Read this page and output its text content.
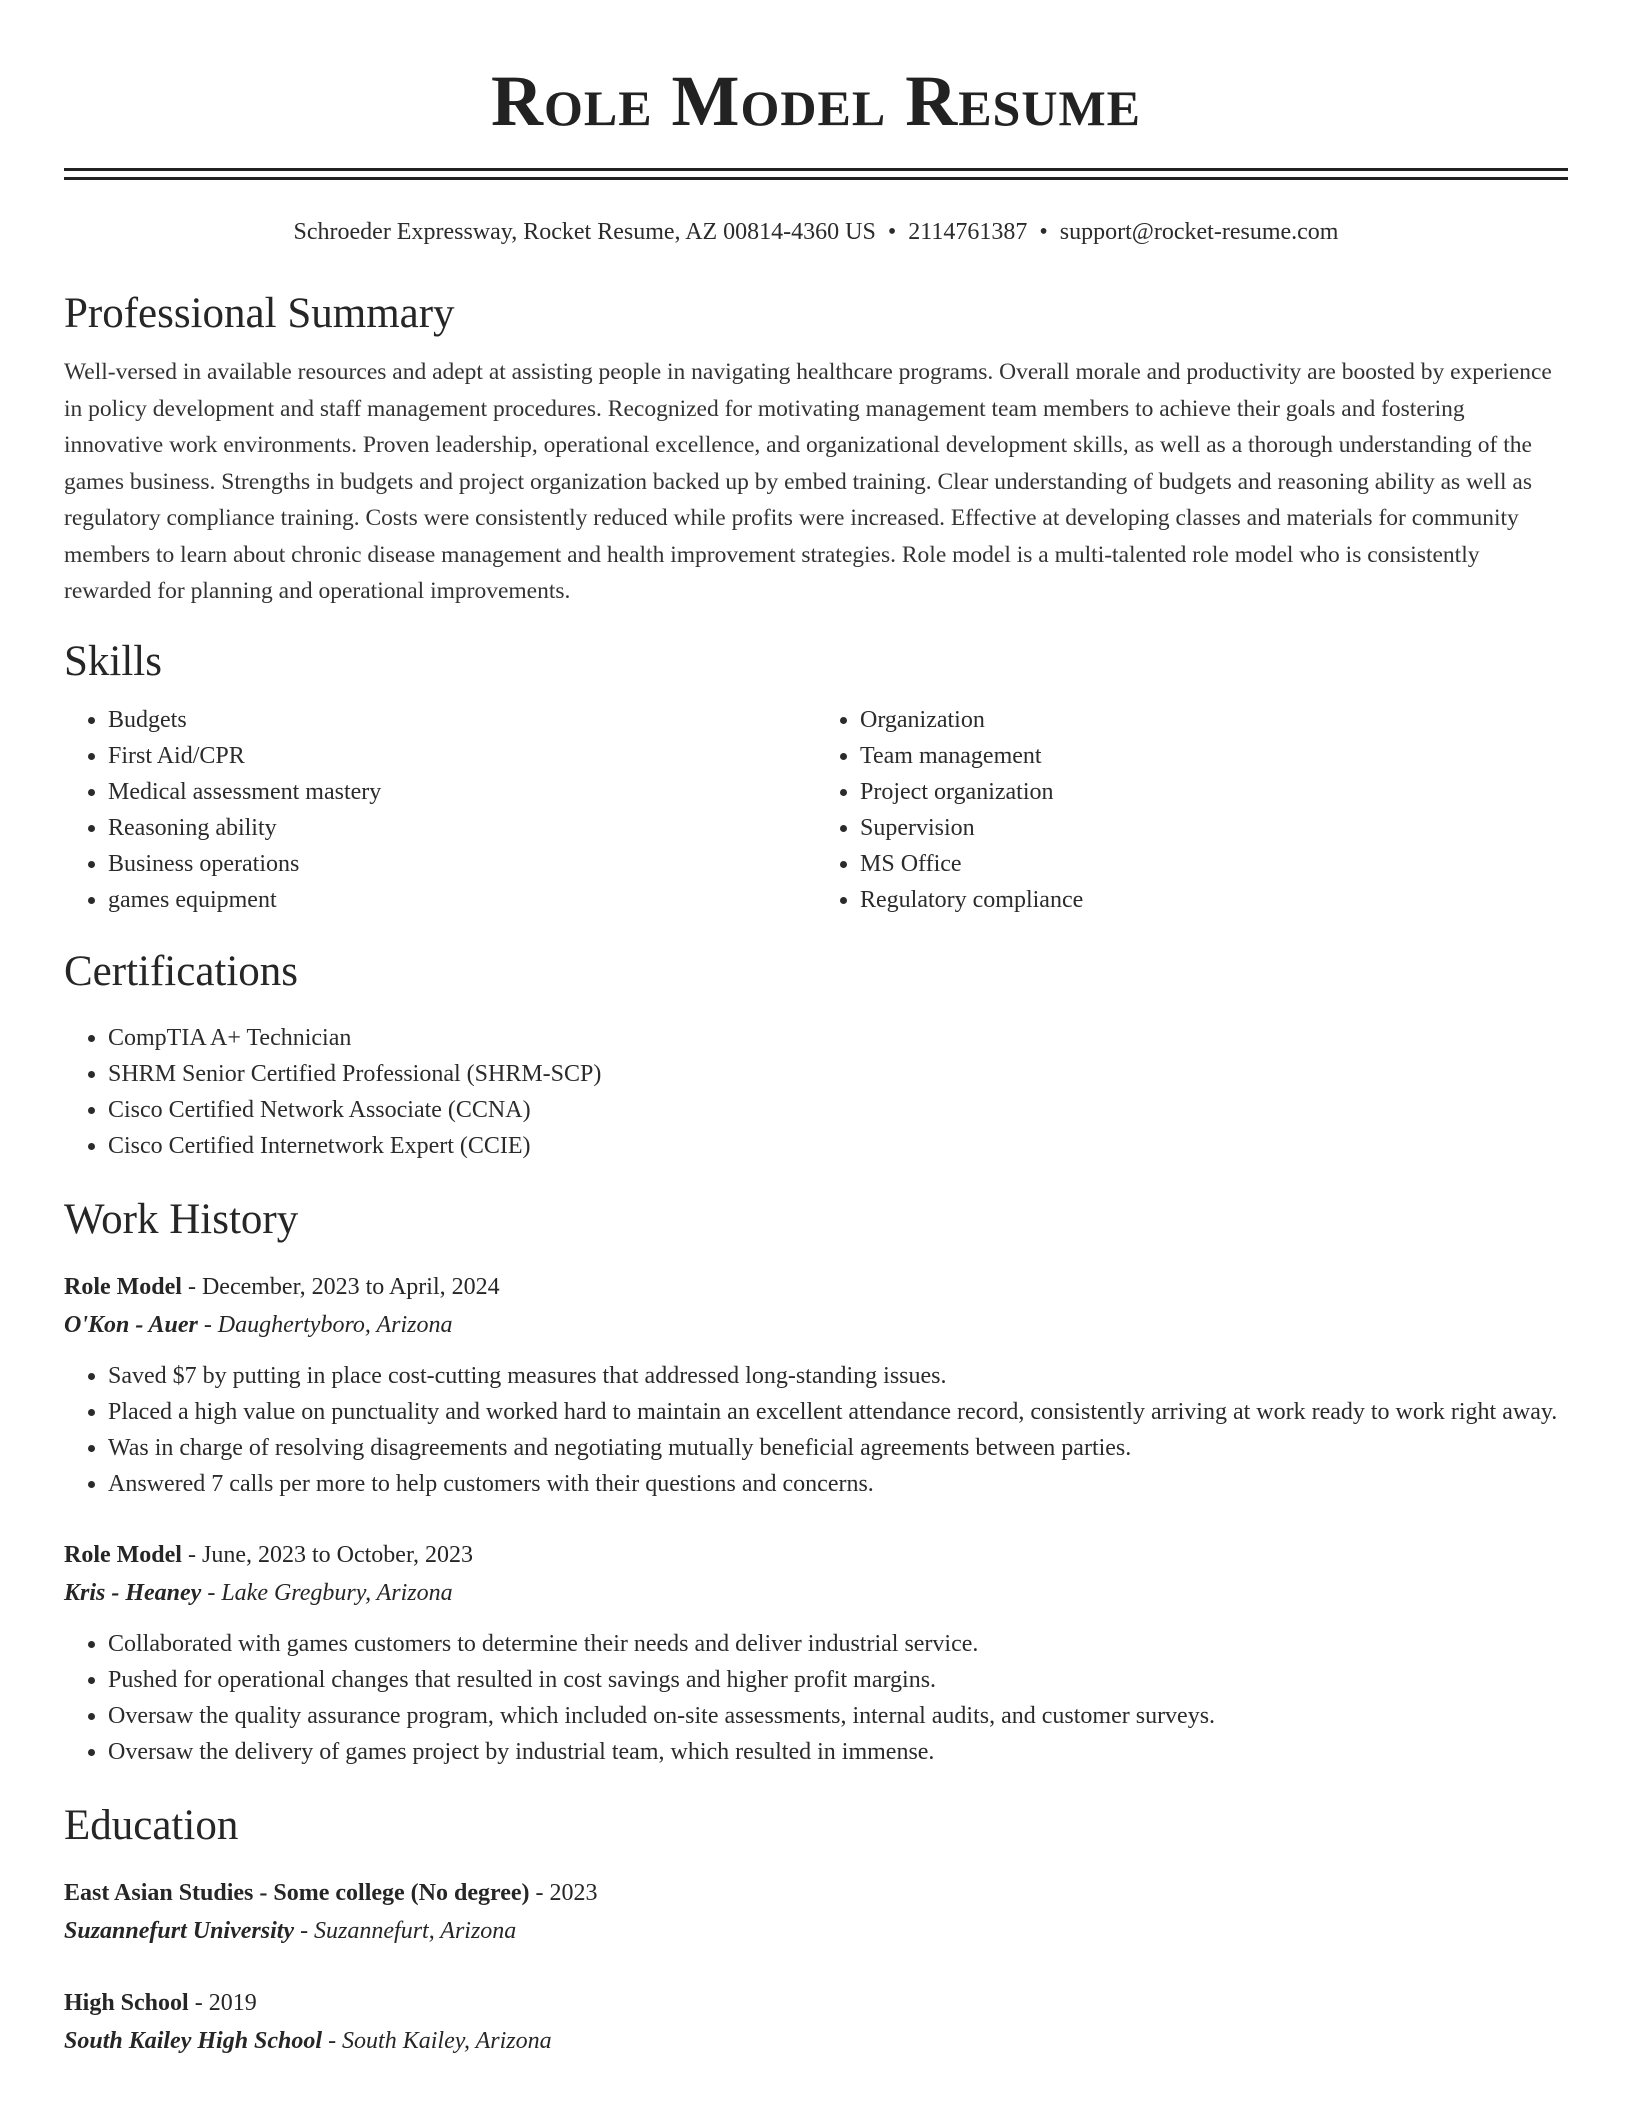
Role Model Resume
Schroeder Expressway, Rocket Resume, AZ 00814-4360 US • 2114761387 • support@rocket-resume.com
Professional Summary

Well-versed in available resources and adept at assisting people in navigating healthcare programs. Overall morale and productivity are boosted by experience in policy development and staff management procedures. Recognized for motivating management team members to achieve their goals and fostering innovative work environments. Proven leadership, operational excellence, and organizational development skills, as well as a thorough understanding of the games business. Strengths in budgets and project organization backed up by embed training. Clear understanding of budgets and reasoning ability as well as regulatory compliance training. Costs were consistently reduced while profits were increased. Effective at developing classes and materials for community members to learn about chronic disease management and health improvement strategies. Role model is a multi-talented role model who is consistently rewarded for planning and operational improvements.

Skills
• Budgets
• First Aid/CPR
• Medical assessment mastery
• Reasoning ability
• Business operations
• games equipment
• Organization
• Team management
• Project organization
• Supervision
• MS Office
• Regulatory compliance
Certifications
• CompTIA A+ Technician
• SHRM Senior Certified Professional (SHRM-SCP)
• Cisco Certified Network Associate (CCNA)
• Cisco Certified Internetwork Expert (CCIE)
Work History
Role Model - December, 2023 to April, 2024
O'Kon - Auer - Daughertyboro, Arizona
• Saved $7 by putting in place cost-cutting measures that addressed long-standing issues.
• Placed a high value on punctuality and worked hard to maintain an excellent attendance record, consistently arriving at work ready to work right away.
• Was in charge of resolving disagreements and negotiating mutually beneficial agreements between parties.
• Answered 7 calls per more to help customers with their questions and concerns.
Role Model - June, 2023 to October, 2023
Kris - Heaney - Lake Gregbury, Arizona
• Collaborated with games customers to determine their needs and deliver industrial service.
• Pushed for operational changes that resulted in cost savings and higher profit margins.
• Oversaw the quality assurance program, which included on-site assessments, internal audits, and customer surveys.
• Oversaw the delivery of games project by industrial team, which resulted in immense.
Education
East Asian Studies - Some college (No degree) - 2023
Suzannefurt University - Suzannefurt, Arizona
High School - 2019
South Kailey High School - South Kailey, Arizona
